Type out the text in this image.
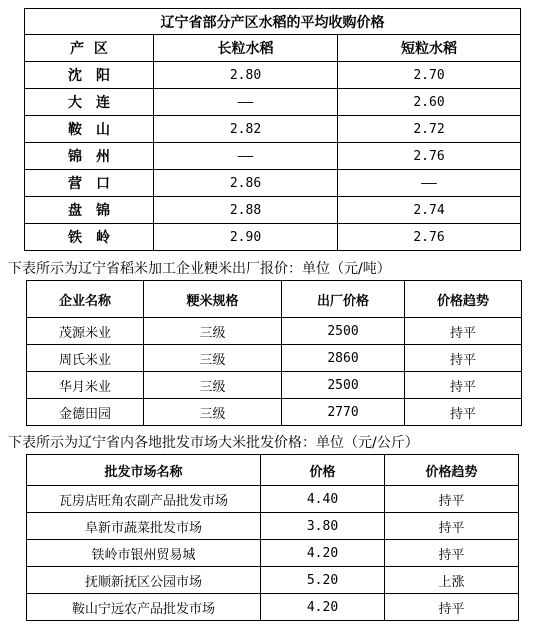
辽宁省部分产区水稻的平均收购价格		
产  区	长粒水稻	短粒水稻
沈阳	2.80	2.70
大连	——	2.60
鞍山	2.82	2.72
锦州	——	2.76
营口	2.86	——
盘锦	2.88	2.74
铁岭	2.90	2.76
下表所示为辽宁省稻米加工企业粳米出厂报价：单位（元/吨）
企业名称	粳米规格	出厂价格	价格趋势
茂源米业	三级	2500	持平
周氏米业	三级	2860	持平
华月米业	三级	2500	持平
金德田园	三级	2770	持平
下表所示为辽宁省内各地批发市场大米批发价格：单位（元/公斤）
批发市场名称	价格	价格趋势
瓦房店旺角农副产品批发市场	4.40	持平
阜新市蔬菜批发市场	3.80	持平
铁岭市银州贸易城	4.20	持平
抚顺新抚区公园市场	5.20	上涨
鞍山宁远农产品批发市场	4.20	持平
